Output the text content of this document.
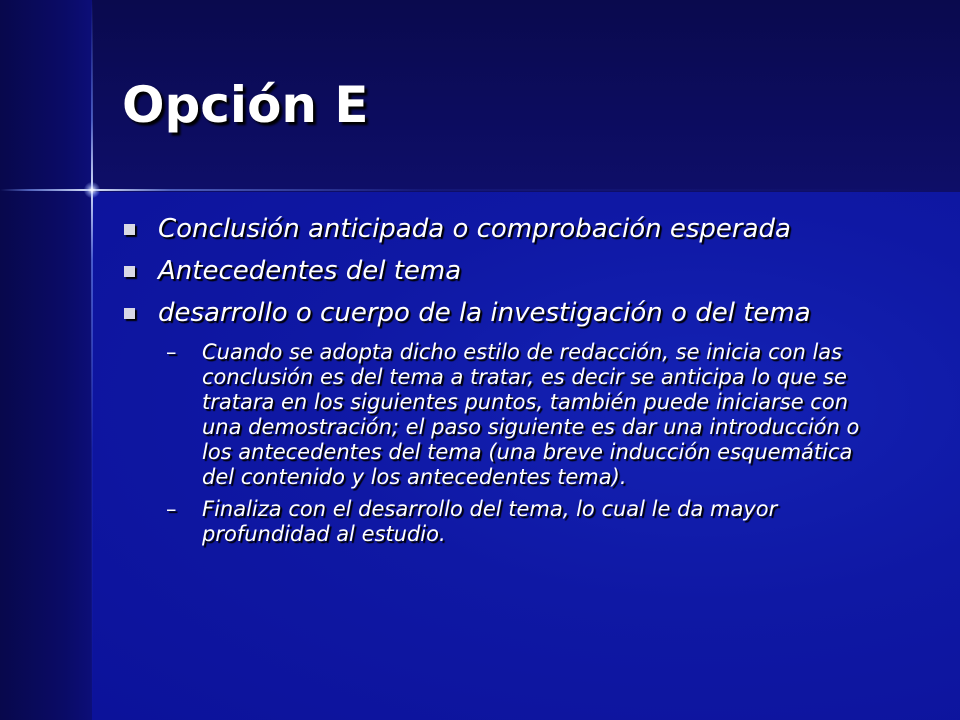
Opción E
Conclusión anticipada o comprobación esperada
Antecedentes del tema
desarrollo o cuerpo de la investigación o del tema
– Cuando se adopta dicho estilo de redacción, se inicia con las conclusión es del tema a tratar, es decir se anticipa lo que se tratara en los siguientes puntos, también puede iniciarse con una demostración; el paso siguiente es dar una introducción o los antecedentes del tema (una breve inducción esquemática del contenido y los antecedentes tema).
– Finaliza con el desarrollo del tema, lo cual le da mayor profundidad al estudio.
